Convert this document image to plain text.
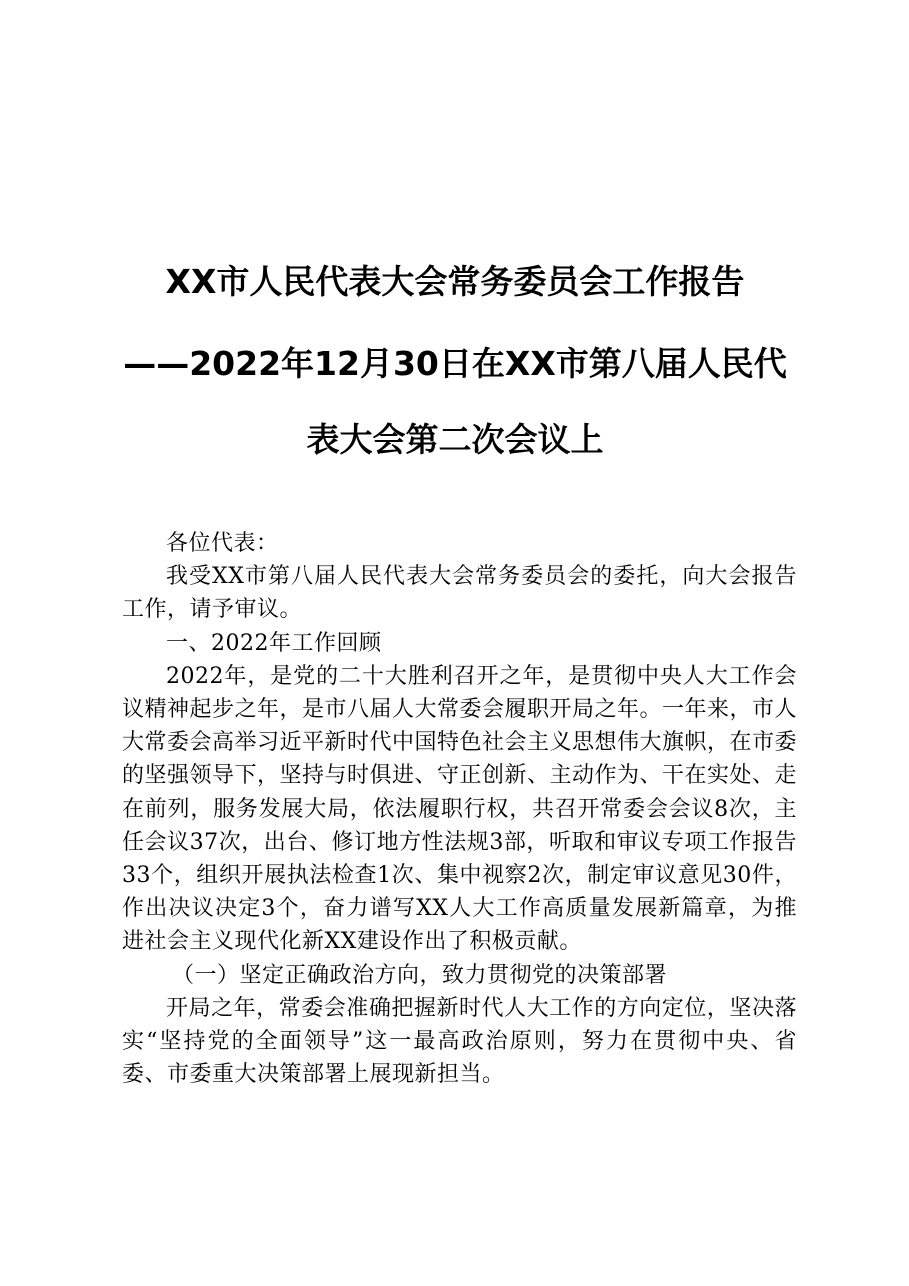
XX市人民代表大会常务委员会工作报告

——2022年12月30日在XX市第八届人民代

表大会第二次会议上

各位代表：

我受XX市第八届人民代表大会常务委员会的委托，向大会报告工作，请予审议。

一、2022年工作回顾

2022年，是党的二十大胜利召开之年，是贯彻中央人大工作会议精神起步之年，是市八届人大常委会履职开局之年。一年来，市人大常委会高举习近平新时代中国特色社会主义思想伟大旗帜，在市委的坚强领导下，坚持与时俱进、守正创新、主动作为、干在实处、走在前列，服务发展大局，依法履职行权，共召开常委会会议8次，主任会议37次，出台、修订地方性法规3部，听取和审议专项工作报告33个，组织开展执法检查1次、集中视察2次，制定审议意见30件，作出决议决定3个，奋力谱写XX人大工作高质量发展新篇章，为推进社会主义现代化新XX建设作出了积极贡献。

（一）坚定正确政治方向，致力贯彻党的决策部署

开局之年，常委会准确把握新时代人大工作的方向定位，坚决落实“坚持党的全面领导”这一最高政治原则，努力在贯彻中央、省委、市委重大决策部署上展现新担当。
